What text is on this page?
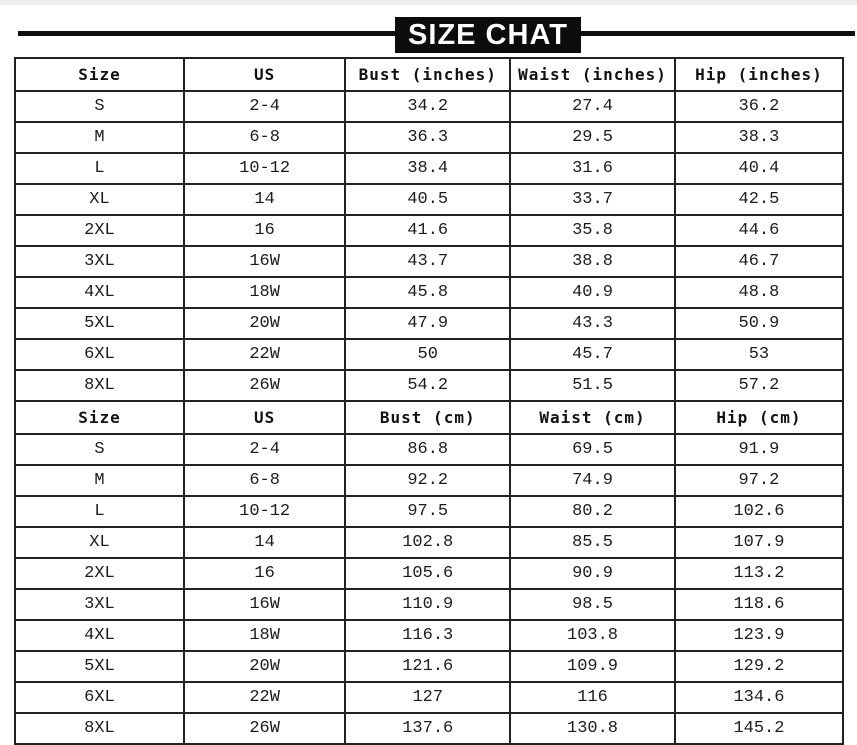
SIZE CHAT
Size	US	Bust (inches)	Waist (inches)	Hip (inches)
S	2-4	34.2	27.4	36.2
M	6-8	36.3	29.5	38.3
L	10-12	38.4	31.6	40.4
XL	14	40.5	33.7	42.5
2XL	16	41.6	35.8	44.6
3XL	16W	43.7	38.8	46.7
4XL	18W	45.8	40.9	48.8
5XL	20W	47.9	43.3	50.9
6XL	22W	50	45.7	53
8XL	26W	54.2	51.5	57.2
Size	US	Bust (cm)	Waist (cm)	Hip (cm)
S	2-4	86.8	69.5	91.9
M	6-8	92.2	74.9	97.2
L	10-12	97.5	80.2	102.6
XL	14	102.8	85.5	107.9
2XL	16	105.6	90.9	113.2
3XL	16W	110.9	98.5	118.6
4XL	18W	116.3	103.8	123.9
5XL	20W	121.6	109.9	129.2
6XL	22W	127	116	134.6
8XL	26W	137.6	130.8	145.2
